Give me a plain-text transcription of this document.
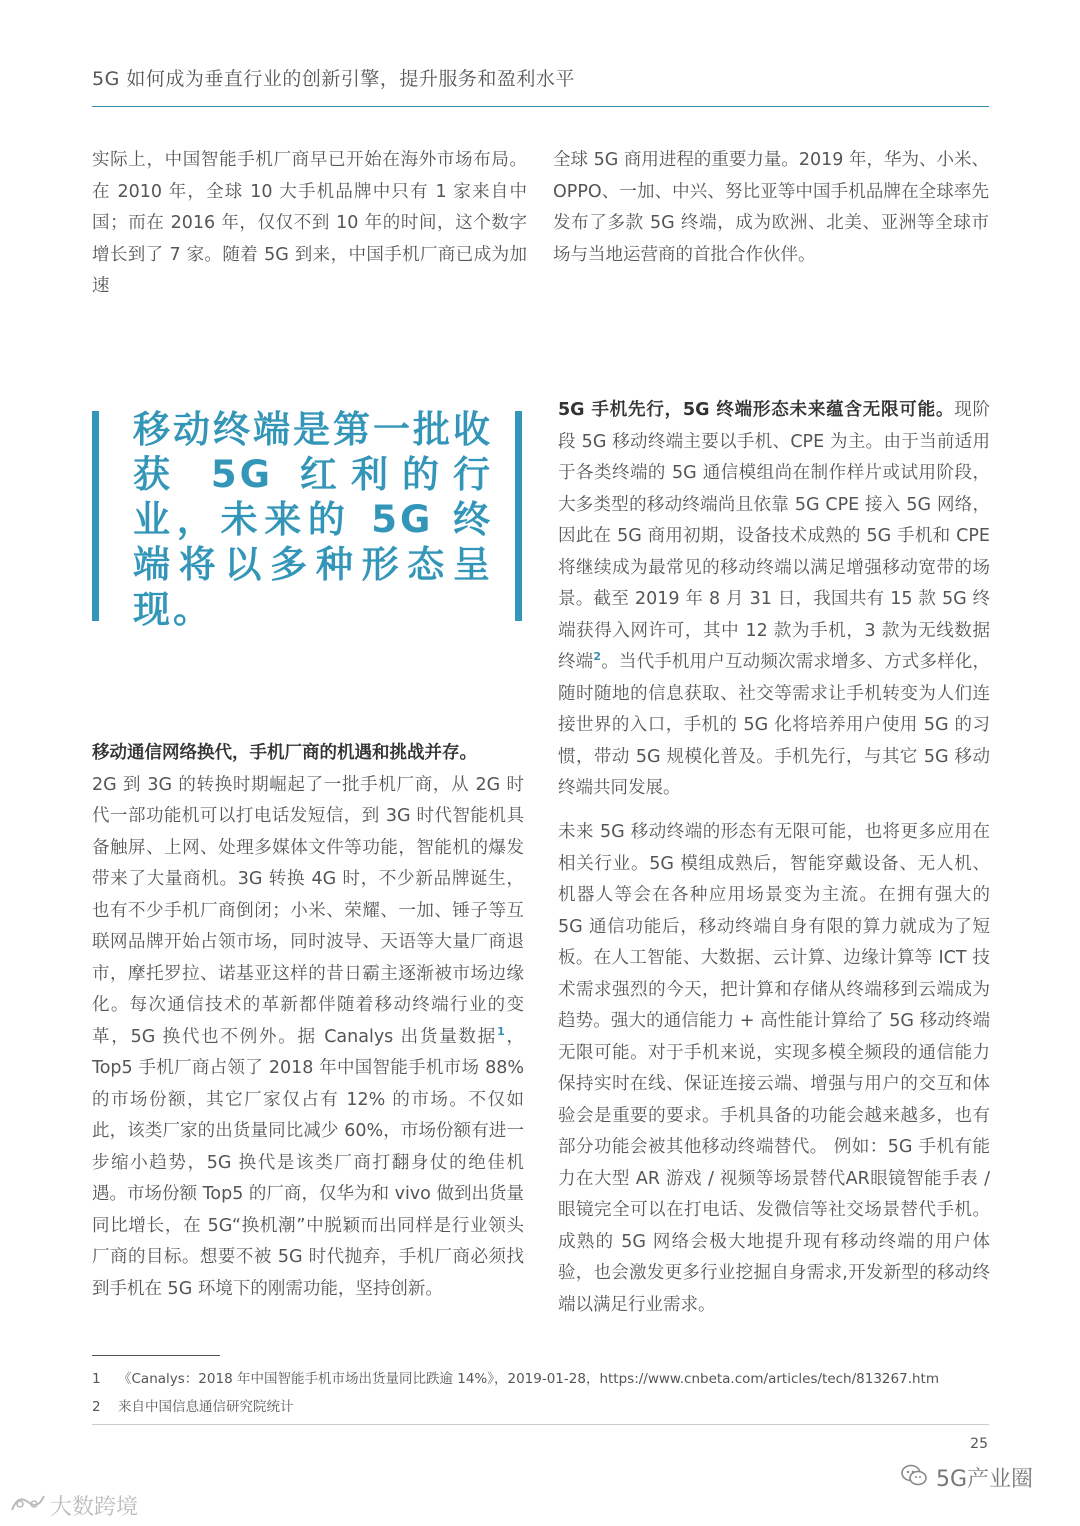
5G 如何成为垂直行业的创新引擎，提升服务和盈利水平

实际上，中国智能手机厂商早已开始在海外市场布局。在 2010 年，全球 10 大手机品牌中只有 1 家来自中国；而在 2016 年，仅仅不到 10 年的时间，这个数字增长到了 7 家。随着 5G 到来，中国手机厂商已成为加速

全球 5G 商用进程的重要力量。2019 年，华为、小米、OPPO、一加、中兴、努比亚等中国手机品牌在全球率先发布了多款 5G 终端，成为欧洲、北美、亚洲等全球市场与当地运营商的首批合作伙伴。

移动终端是第一批收获 5G 红利的行业，未来的 5G 终端将以多种形态呈现。

移动通信网络换代，手机厂商的机遇和挑战并存。
2G 到 3G 的转换时期崛起了一批手机厂商，从 2G 时代一部功能机可以打电话发短信，到 3G 时代智能机具备触屏、上网、处理多媒体文件等功能，智能机的爆发带来了大量商机。3G 转换 4G 时，不少新品牌诞生，也有不少手机厂商倒闭；小米、荣耀、一加、锤子等互联网品牌开始占领市场，同时波导、天语等大量厂商退市，摩托罗拉、诺基亚这样的昔日霸主逐渐被市场边缘化。每次通信技术的革新都伴随着移动终端行业的变革，5G 换代也不例外。据 Canalys 出货量数据$^1$，Top5 手机厂商占领了 2018 年中国智能手机市场 88% 的市场份额，其它厂家仅占有 12% 的市场。不仅如此，该类厂家的出货量同比减少 60%，市场份额有进一步缩小趋势，5G 换代是该类厂商打翻身仗的绝佳机遇。市场份额 Top5 的厂商，仅华为和 vivo 做到出货量同比增长，在 5G“换机潮”中脱颖而出同样是行业领头厂商的目标。想要不被 5G 时代抛弃，手机厂商必须找到手机在 5G 环境下的刚需功能，坚持创新。

5G 手机先行，5G 终端形态未来蕴含无限可能。现阶段 5G 移动终端主要以手机、CPE 为主。由于当前适用于各类终端的 5G 通信模组尚在制作样片或试用阶段，大多类型的移动终端尚且依靠 5G CPE 接入 5G 网络，因此在 5G 商用初期，设备技术成熟的 5G 手机和 CPE 将继续成为最常见的移动终端以满足增强移动宽带的场景。截至 2019 年 8 月 31 日，我国共有 15 款 5G 终端获得入网许可，其中 12 款为手机，3 款为无线数据终端$^2$。当代手机用户互动频次需求增多、方式多样化，随时随地的信息获取、社交等需求让手机转变为人们连接世界的入口，手机的 5G 化将培养用户使用 5G 的习惯，带动 5G 规模化普及。手机先行，与其它 5G 移动终端共同发展。

未来 5G 移动终端的形态有无限可能，也将更多应用在相关行业。5G 模组成熟后，智能穿戴设备、无人机、机器人等会在各种应用场景变为主流。在拥有强大的 5G 通信功能后，移动终端自身有限的算力就成为了短板。在人工智能、大数据、云计算、边缘计算等 ICT 技术需求强烈的今天，把计算和存储从终端移到云端成为趋势。强大的通信能力 + 高性能计算给了 5G 移动终端无限可能。对于手机来说，实现多模全频段的通信能力保持实时在线、保证连接云端、增强与用户的交互和体验会是重要的要求。手机具备的功能会越来越多，也有部分功能会被其他移动终端替代。 例如：5G 手机有能力在大型 AR 游戏 / 视频等场景替代AR眼镜智能手表 / 眼镜完全可以在打电话、发微信等社交场景替代手机。成熟的 5G 网络会极大地提升现有移动终端的用户体验，也会激发更多行业挖掘自身需求,开发新型的移动终端以满足行业需求。

1 《Canalys：2018 年中国智能手机市场出货量同比跌逾 14%》，2019-01-28，https://www.cnbeta.com/articles/tech/813267.htm
2 来自中国信息通信研究院统计
25
5G产业圈
大数跨境
